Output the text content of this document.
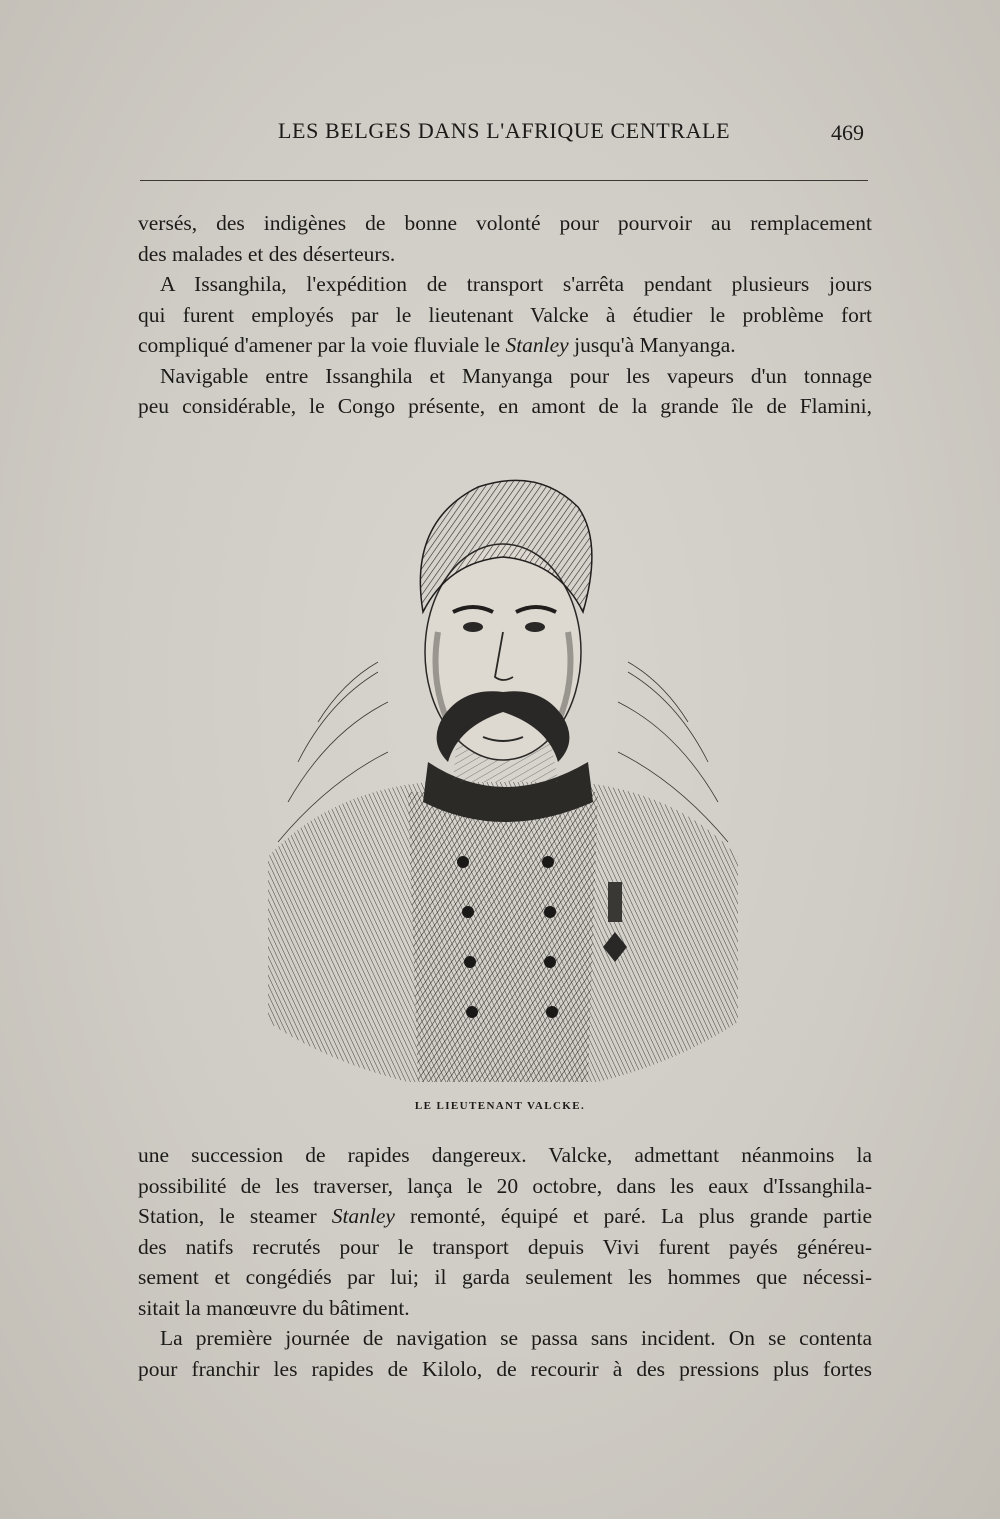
LES BELGES DANS L'AFRIQUE CENTRALE	469
versés, des indigènes de bonne volonté pour pourvoir au remplacement
des malades et des déserteurs.
A Issanghila, l'expédition de transport s'arrêta pendant plusieurs jours
qui furent employés par le lieutenant Valcke à étudier le problème fort
compliqué d'amener par la voie fluviale le Stanley jusqu'à Manyanga.
Navigable entre Issanghila et Manyanga pour les vapeurs d'un tonnage
peu considérable, le Congo présente, en amont de la grande île de Flamini,
LE LIEUTENANT VALCKE.
une succession de rapides dangereux. Valcke, admettant néanmoins la
possibilité de les traverser, lança le 20 octobre, dans les eaux d'Issanghila-
Station, le steamer Stanley remonté, équipé et paré. La plus grande partie
des natifs recrutés pour le transport depuis Vivi furent payés généreu-
sement et congédiés par lui; il garda seulement les hommes que nécessi-
sitait la manœuvre du bâtiment.
La première journée de navigation se passa sans incident. On se contenta
pour franchir les rapides de Kilolo, de recourir à des pressions plus fortes
